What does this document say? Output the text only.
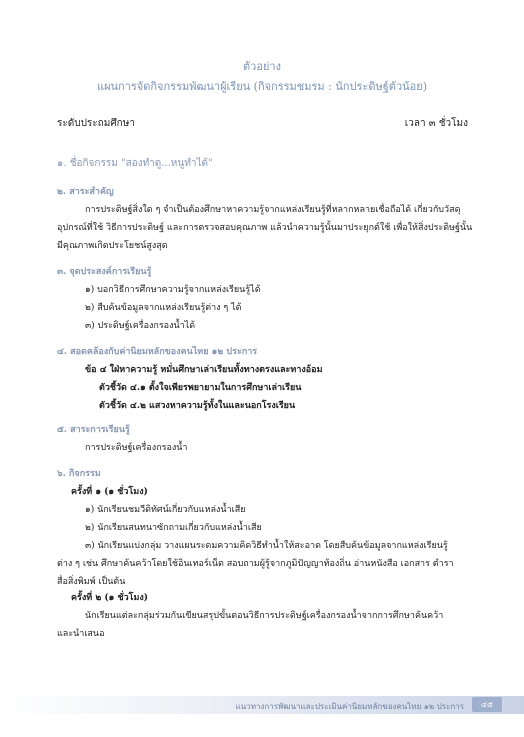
ตัวอย่าง
แผนการจัดกิจกรรมพัฒนาผู้เรียน (กิจกรรมชมรม : นักประดิษฐ์ตัวน้อย)
ระดับประถมศึกษา	เวลา ๓ ชั่วโมง
๑. ชื่อกิจกรรม "สองทำดู...หนูทำได้"
๒. สาระสำคัญ
การประดิษฐ์สิ่งใด ๆ จำเป็นต้องศึกษาหาความรู้จากแหล่งเรียนรู้ที่หลากหลายเชื่อถือได้ เกี่ยวกับวัสดุ
อุปกรณ์ที่ใช้ วิธีการประดิษฐ์ และการตรวจสอบคุณภาพ แล้วนำความรู้นั้นมาประยุกต์ใช้ เพื่อให้สิ่งประดิษฐ์นั้น
มีคุณภาพเกิดประโยชน์สูงสุด
๓. จุดประสงค์การเรียนรู้
๑) บอกวิธีการศึกษาความรู้จากแหล่งเรียนรู้ได้
๒) สืบค้นข้อมูลจากแหล่งเรียนรู้ต่าง ๆ ได้
๓) ประดิษฐ์เครื่องกรองน้ำได้
๔. สอดคล้องกับค่านิยมหลักของคนไทย ๑๒ ประการ
ข้อ ๔ ใฝ่หาความรู้ หมั่นศึกษาเล่าเรียนทั้งทางตรงและทางอ้อม
ตัวชี้วัด ๔.๑ ตั้งใจเพียรพยายามในการศึกษาเล่าเรียน
ตัวชี้วัด ๔.๒ แสวงหาความรู้ทั้งในและนอกโรงเรียน
๕. สาระการเรียนรู้
การประดิษฐ์เครื่องกรองน้ำ
๖. กิจกรรม
ครั้งที่ ๑ (๑ ชั่วโมง)
๑) นักเรียนชมวีดิทัศน์เกี่ยวกับแหล่งน้ำเสีย
๒) นักเรียนสนทนาซักถามเกี่ยวกับแหล่งน้ำเสีย
๓) นักเรียนแบ่งกลุ่ม วางแผนระดมความคิดวิธีทำน้ำให้สะอาด โดยสืบค้นข้อมูลจากแหล่งเรียนรู้
ต่าง ๆ เช่น ศึกษาค้นคว้าโดยใช้อินเทอร์เน็ต สอบถามผู้รู้จากภูมิปัญญาท้องถิ่น อ่านหนังสือ เอกสาร ตำรา
สื่อสิ่งพิมพ์ เป็นต้น
ครั้งที่ ๒ (๑ ชั่วโมง)
นักเรียนแต่ละกลุ่มร่วมกันเขียนสรุปขั้นตอนวิธีการประดิษฐ์เครื่องกรองน้ำจากการศึกษาค้นคว้า
และนำเสนอ
แนวทางการพัฒนาและประเมินค่านิยมหลักของคนไทย ๑๒ ประการ	๔๕
